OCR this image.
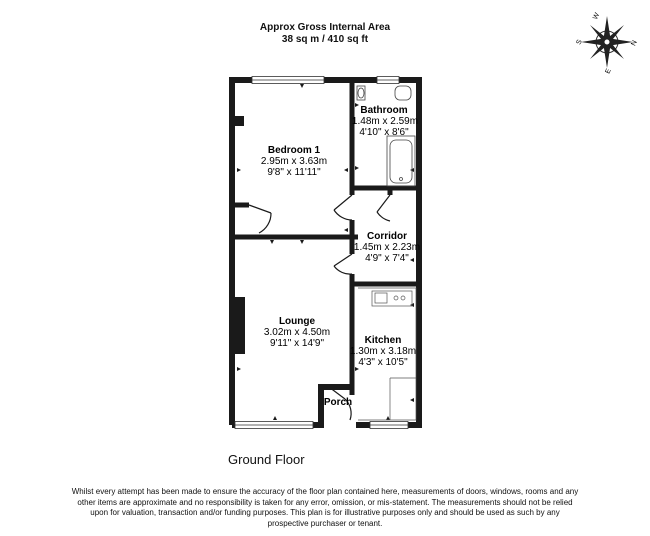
Approx Gross Internal Area
38 sq m / 410 sq ft
W
N
S
E
Bedroom 1
2.95m x 3.63m
9'8" x 11'11"
Bathroom
1.48m x 2.59m
4'10" x 8'6"
Corridor
1.45m x 2.23m
4'9" x 7'4"
Lounge
3.02m x 4.50m
9'11" x 14'9"	Kitchen
1.30m x 3.18m
4'3" x 10'5"
Porch
Ground Floor
Whilst every attempt has been made to ensure the accuracy of the floor plan contained here, measurements of doors, windows, rooms and any other items are approximate and no responsibility is taken for any error, omission, or mis-statement. The measurements should not be relied upon for valuation, transaction and/or funding purposes. This plan is for illustrative purposes only and should be used as such by any prospective purchaser or tenant.
